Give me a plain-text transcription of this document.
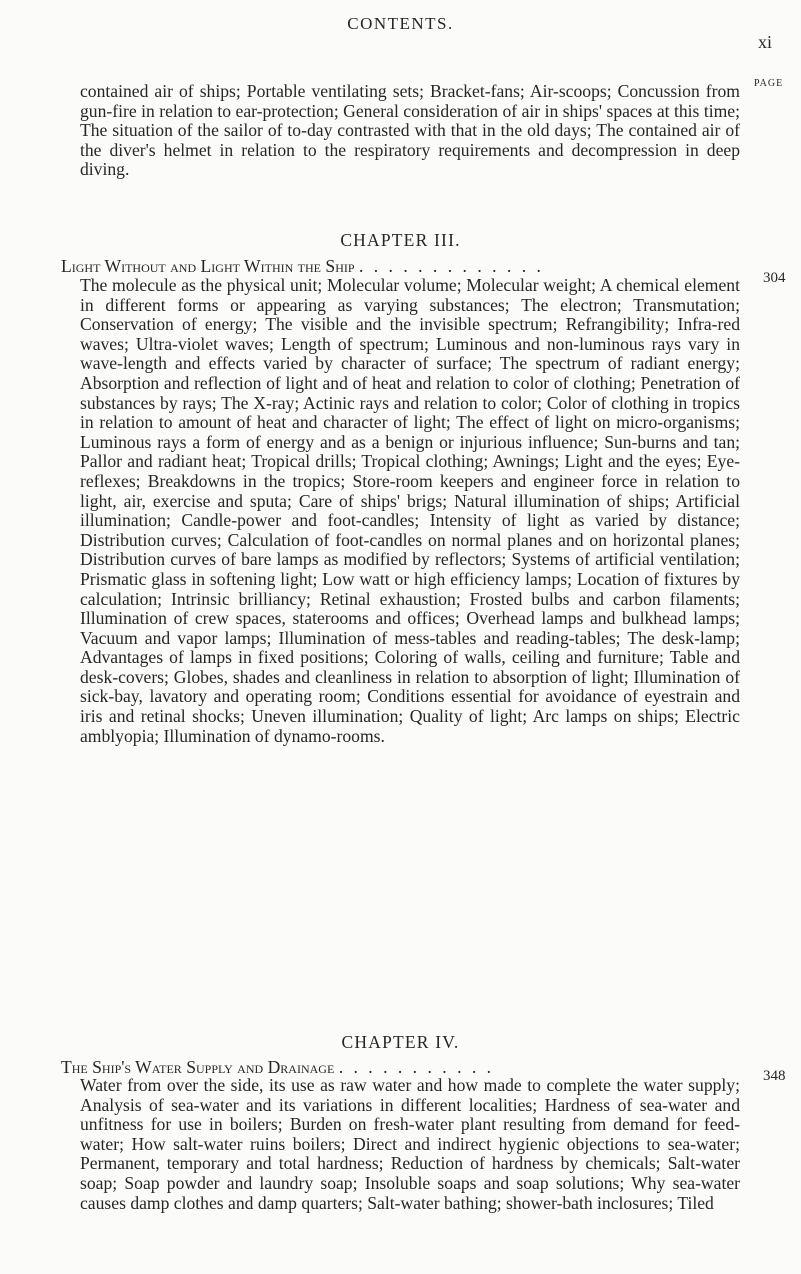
CONTENTS.
xi
PAGE

contained air of ships; Portable ventilating sets; Bracket-fans; Air-scoops; Concussion from gun-fire in relation to ear-protection; General consideration of air in ships' spaces at this time; The situation of the sailor of to-day contrasted with that in the old days; The contained air of the diver's helmet in relation to the respiratory requirements and decompression in deep diving.

CHAPTER III.
Light Without and Light Within the Ship . . . . . . . . . . . . .
304

The molecule as the physical unit; Molecular volume; Molecular weight; A chemical element in different forms or appearing as varying substances; The electron; Transmutation; Conservation of energy; The visible and the invisible spectrum; Refrangibility; Infra-red waves; Ultra-violet waves; Length of spectrum; Luminous and non-luminous rays vary in wave-length and effects varied by character of surface; The spectrum of radiant energy; Absorption and reflection of light and of heat and relation to color of clothing; Penetration of substances by rays; The X-ray; Actinic rays and relation to color; Color of clothing in tropics in relation to amount of heat and character of light; The effect of light on micro-organisms; Luminous rays a form of energy and as a benign or injurious influence; Sun-burns and tan; Pallor and radiant heat; Tropical drills; Tropical clothing; Awnings; Light and the eyes; Eye-reflexes; Breakdowns in the tropics; Store-room keepers and engineer force in relation to light, air, exercise and sputa; Care of ships' brigs; Natural illumination of ships; Artificial illumination; Candle-power and foot-candles; Intensity of light as varied by distance; Distribution curves; Calculation of foot-candles on normal planes and on horizontal planes; Distribution curves of bare lamps as modified by reflectors; Systems of artificial ventilation; Prismatic glass in softening light; Low watt or high efficiency lamps; Location of fixtures by calculation; Intrinsic brilliancy; Retinal exhaustion; Frosted bulbs and carbon filaments; Illumination of crew spaces, staterooms and offices; Overhead lamps and bulkhead lamps; Vacuum and vapor lamps; Illumination of mess-tables and reading-tables; The desk-lamp; Advantages of lamps in fixed positions; Coloring of walls, ceiling and furniture; Table and desk-covers; Globes, shades and cleanliness in relation to absorption of light; Illumination of sick-bay, lavatory and operating room; Conditions essential for avoidance of eyestrain and iris and retinal shocks; Uneven illumination; Quality of light; Arc lamps on ships; Electric amblyopia; Illumination of dynamo-rooms.

CHAPTER IV.
The Ship's Water Supply and Drainage . . . . . . . . . . .	348

Water from over the side, its use as raw water and how made to complete the water supply; Analysis of sea-water and its variations in different localities; Hardness of sea-water and unfitness for use in boilers; Burden on fresh-water plant resulting from demand for feed-water; How salt-water ruins boilers; Direct and indirect hygienic objections to sea-water; Permanent, temporary and total hardness; Reduction of hardness by chemicals; Salt-water soap; Soap powder and laundry soap; Insoluble soaps and soap solutions; Why sea-water causes damp clothes and damp quarters; Salt-water bathing; shower-bath inclosures; Tiled
